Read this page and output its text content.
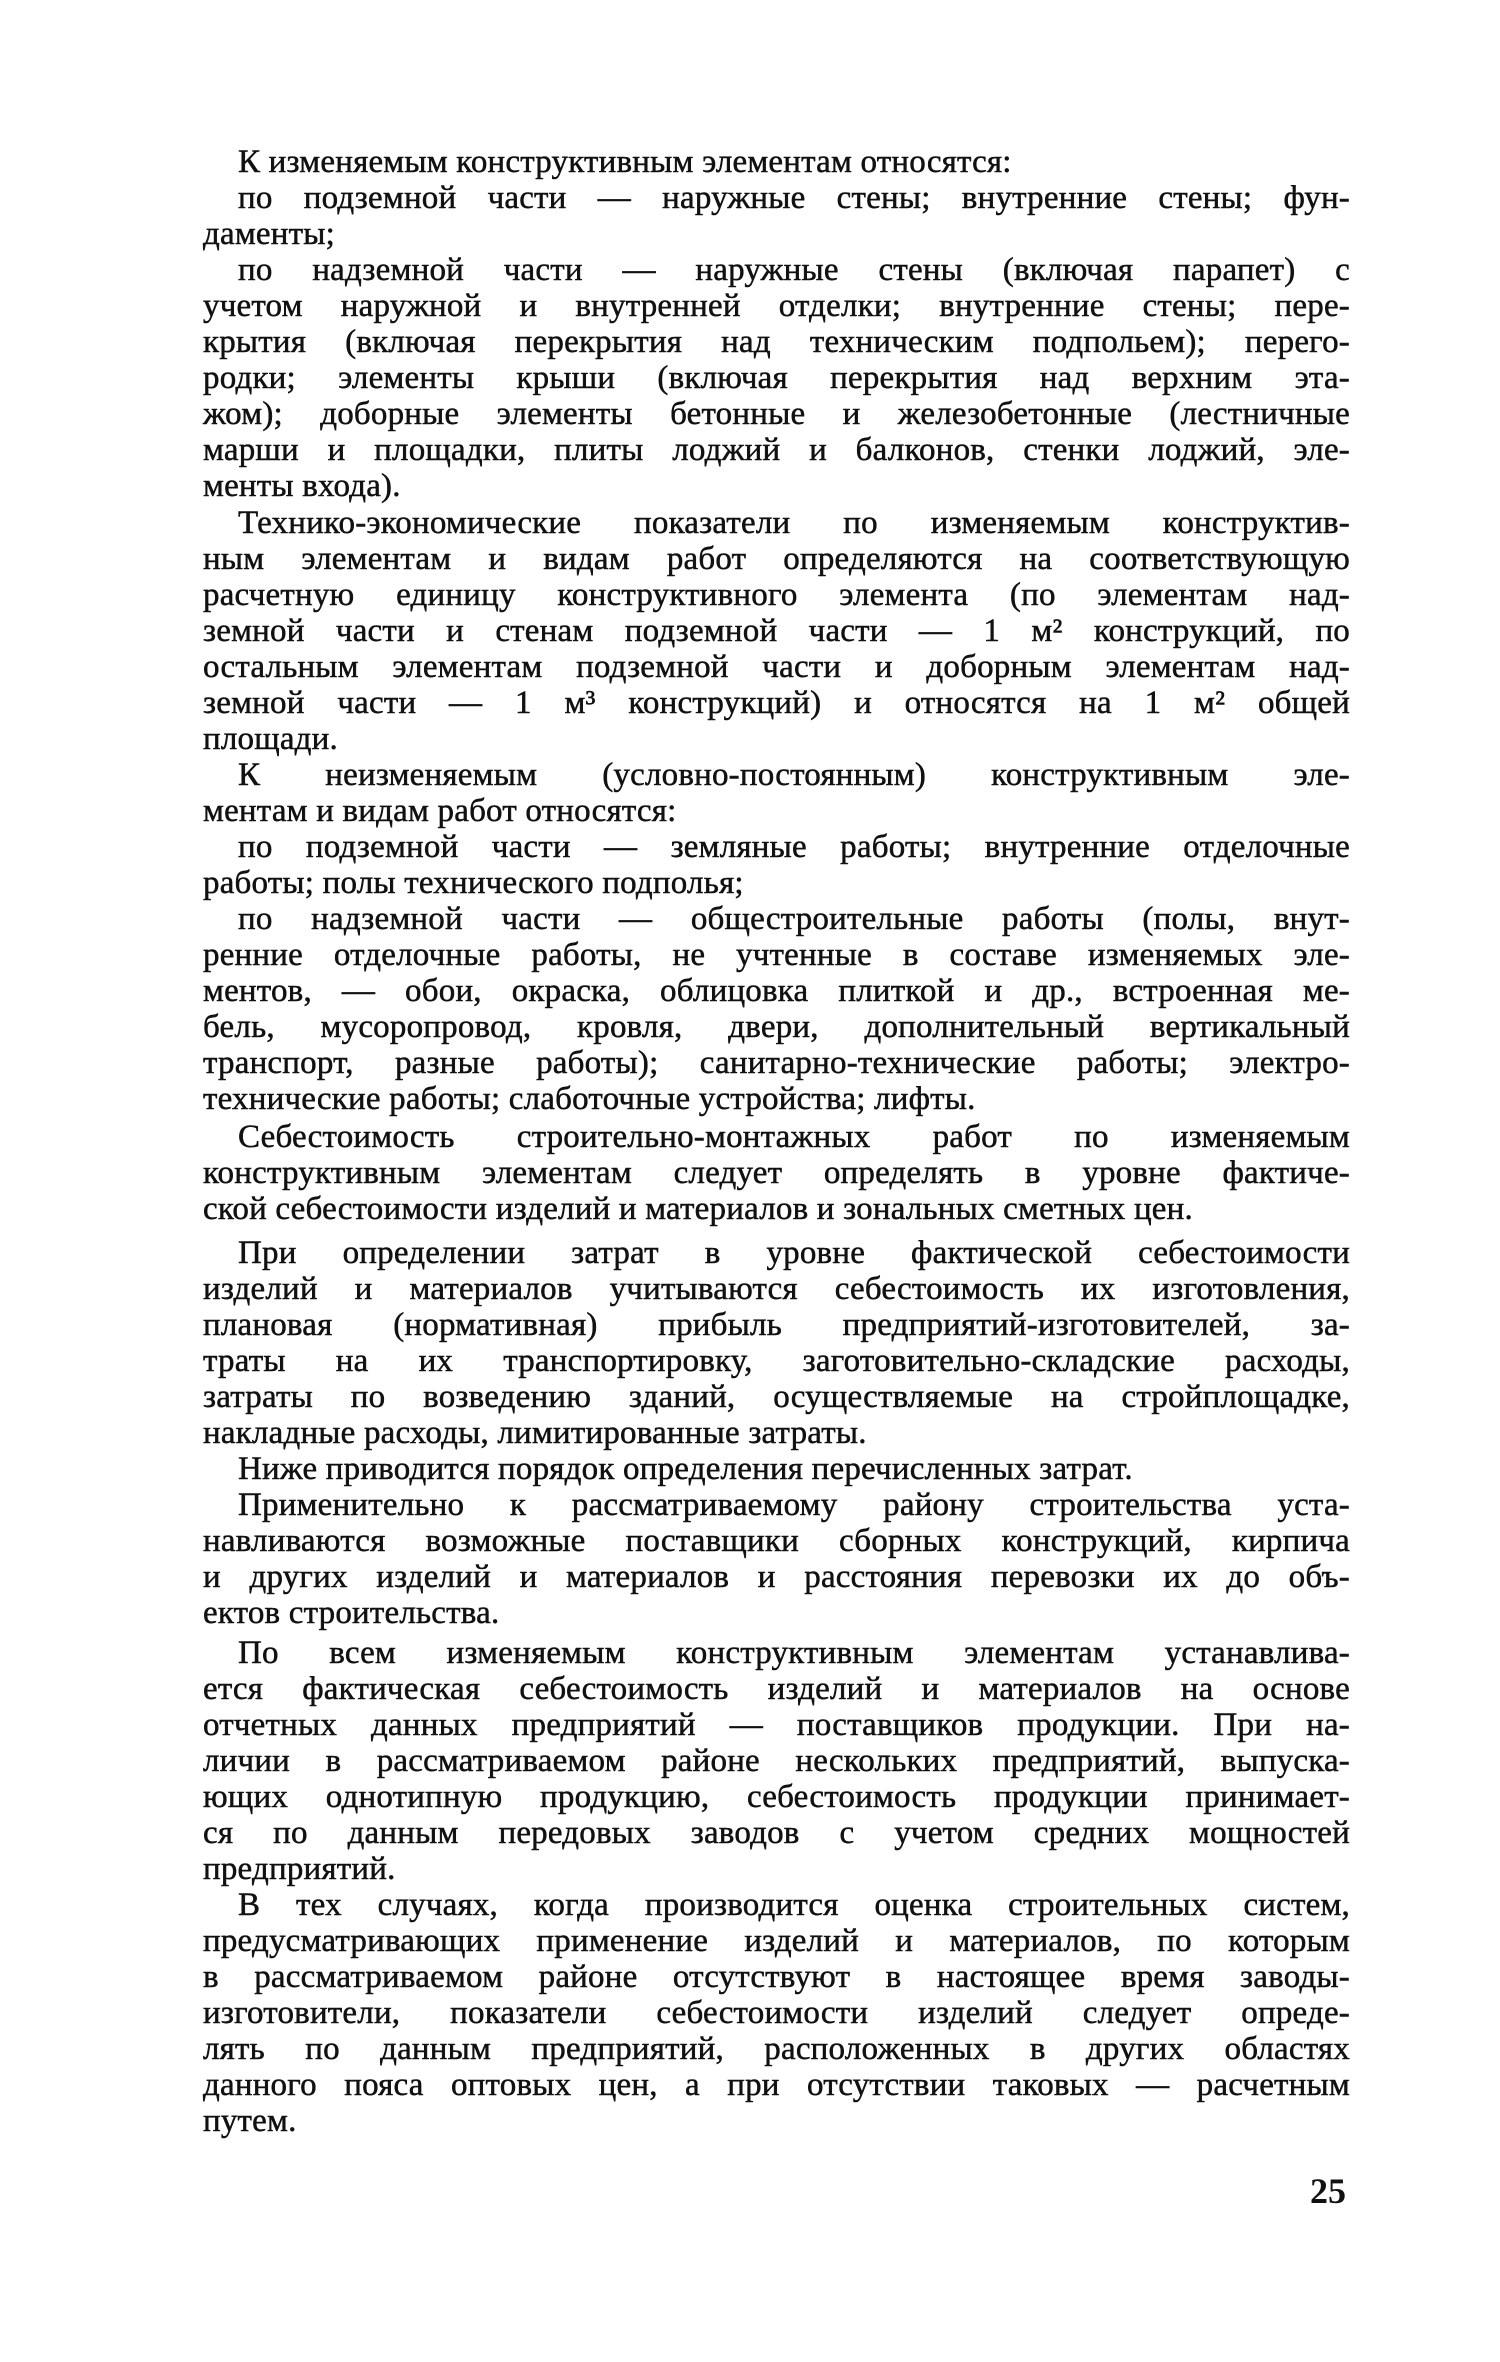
К изменяемым конструктивным элементам относятся:
по подземной части — наружные стены; внутренние стены; фун-
даменты;
по надземной части — наружные стены (включая парапет) с
учетом наружной и внутренней отделки; внутренние стены; пере-
крытия (включая перекрытия над техническим подпольем); перего-
родки; элементы крыши (включая перекрытия над верхним эта-
жом); доборные элементы бетонные и железобетонные (лестничные
марши и площадки, плиты лоджий и балконов, стенки лоджий, эле-
менты входа).
Технико-экономические показатели по изменяемым конструктив-
ным элементам и видам работ определяются на соответствующую
расчетную единицу конструктивного элемента (по элементам над-
земной части и стенам подземной части — 1 м² конструкций, по
остальным элементам подземной части и доборным элементам над-
земной части — 1 м³ конструкций) и относятся на 1 м² общей
площади.
К неизменяемым (условно-постоянным) конструктивным эле-
ментам и видам работ относятся:
по подземной части — земляные работы; внутренние отделочные
работы; полы технического подполья;
по надземной части — общестроительные работы (полы, внут-
ренние отделочные работы, не учтенные в составе изменяемых эле-
ментов, — обои, окраска, облицовка плиткой и др., встроенная ме-
бель, мусоропровод, кровля, двери, дополнительный вертикальный
транспорт, разные работы); санитарно-технические работы; электро-
технические работы; слаботочные устройства; лифты.
Себестоимость строительно-монтажных работ по изменяемым
конструктивным элементам следует определять в уровне фактиче-
ской себестоимости изделий и материалов и зональных сметных цен.
При определении затрат в уровне фактической себестоимости
изделий и материалов учитываются себестоимость их изготовления,
плановая (нормативная) прибыль предприятий-изготовителей, за-
траты на их транспортировку, заготовительно-складские расходы,
затраты по возведению зданий, осуществляемые на стройплощадке,
накладные расходы, лимитированные затраты.
Ниже приводится порядок определения перечисленных затрат.
Применительно к рассматриваемому району строительства уста-
навливаются возможные поставщики сборных конструкций, кирпича
и других изделий и материалов и расстояния перевозки их до объ-
ектов строительства.
По всем изменяемым конструктивным элементам устанавлива-
ется фактическая себестоимость изделий и материалов на основе
отчетных данных предприятий — поставщиков продукции. При на-
личии в рассматриваемом районе нескольких предприятий, выпуска-
ющих однотипную продукцию, себестоимость продукции принимает-
ся по данным передовых заводов с учетом средних мощностей
предприятий.
В тех случаях, когда производится оценка строительных систем,
предусматривающих применение изделий и материалов, по которым
в рассматриваемом районе отсутствуют в настоящее время заводы-
изготовители, показатели себестоимости изделий следует опреде-
лять по данным предприятий, расположенных в других областях
данного пояса оптовых цен, а при отсутствии таковых — расчетным
путем.
25
